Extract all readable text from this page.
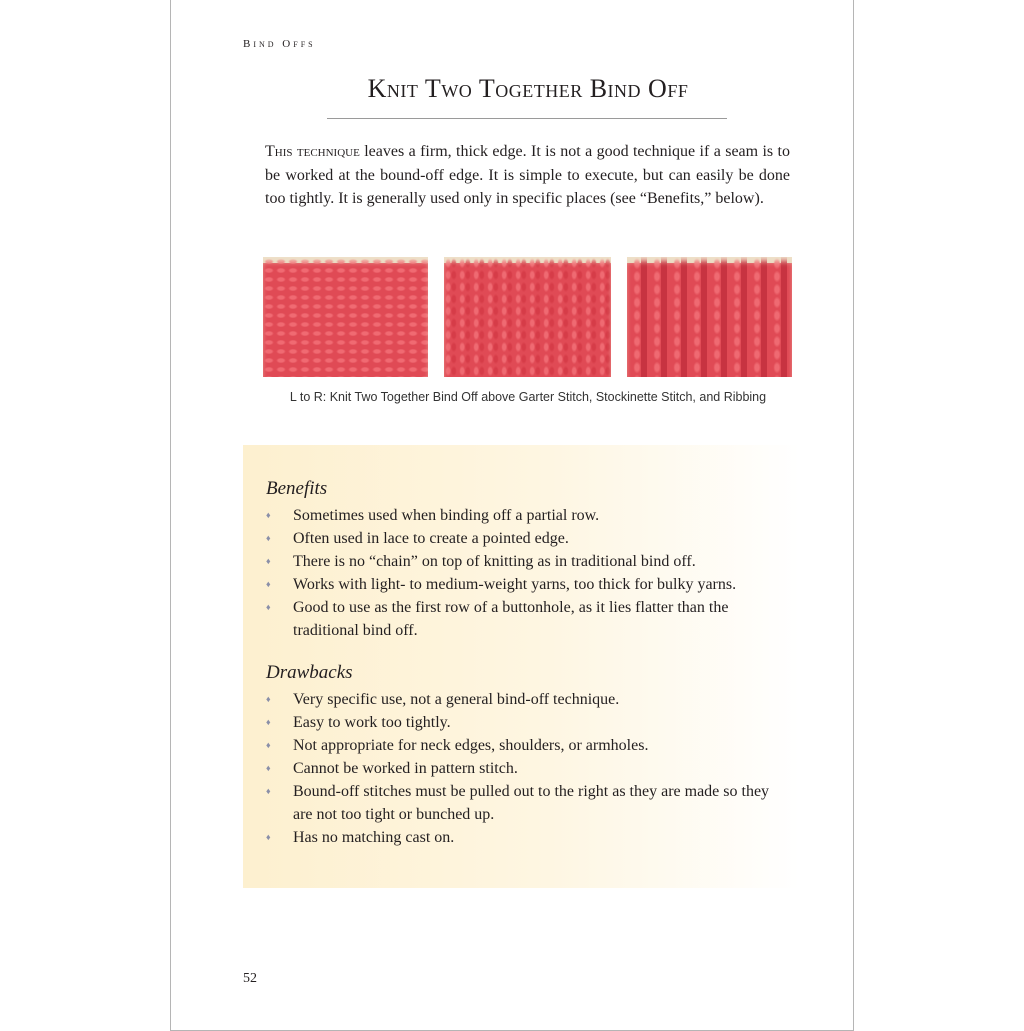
Bind Offs
Knit Two Together Bind Off

This technique leaves a firm, thick edge. It is not a good technique if a seam is to be worked at the bound-off edge. It is simple to execute, but can easily be done too tightly. It is generally used only in specific places (see “Benefits,” below).

L to R: Knit Two Together Bind Off above Garter Stitch, Stockinette Stitch, and Ribbing
Benefits
♦ Sometimes used when binding off a partial row.
♦ Often used in lace to create a pointed edge.
♦ There is no “chain” on top of knitting as in traditional bind off.
♦ Works with light- to medium-weight yarns, too thick for bulky yarns.
♦ Good to use as the first row of a buttonhole, as it lies flatter than the traditional bind off.
Drawbacks
♦ Very specific use, not a general bind-off technique.
♦ Easy to work too tightly.
♦ Not appropriate for neck edges, shoulders, or armholes.
♦ Cannot be worked in pattern stitch.
♦ Bound-off stitches must be pulled out to the right as they are made so they are not too tight or bunched up.
♦ Has no matching cast on.
52
